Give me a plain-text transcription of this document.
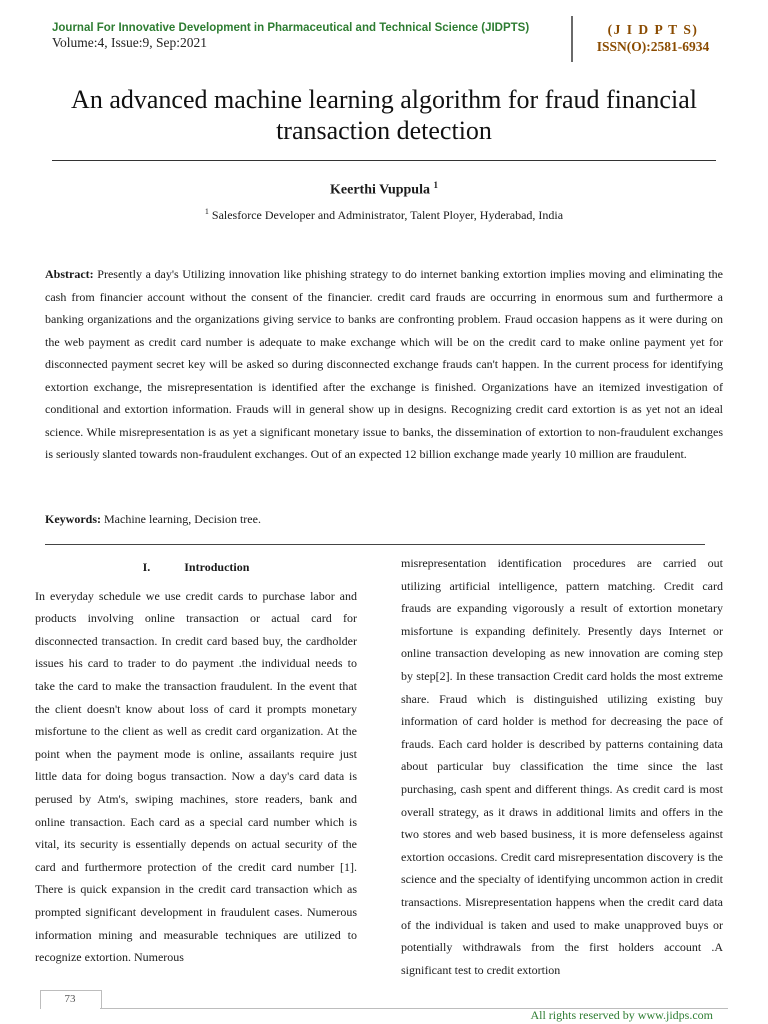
Journal For Innovative Development in Pharmaceutical and Technical Science (JIDPTS)
Volume:4, Issue:9, Sep:2021
(J I D P T S)
ISSN(O):2581-6934
An advanced machine learning algorithm for fraud financial transaction detection
Keerthi Vuppula $^1$
$^1$ Salesforce Developer and Administrator, Talent Ployer, Hyderabad, India
Abstract: Presently a day's Utilizing innovation like phishing strategy to do internet banking extortion implies moving and eliminating the cash from financier account without the consent of the financier. credit card frauds are occurring in enormous sum and furthermore a banking organizations and the organizations giving service to banks are confronting problem. Fraud occasion happens as it were during on the web payment as credit card number is adequate to make exchange which will be on the credit card to make online payment yet for disconnected payment secret key will be asked so during disconnected exchange frauds can't happen. In the current process for identifying extortion exchange, the misrepresentation is identified after the exchange is finished. Organizations have an itemized investigation of conditional and extortion information. Frauds will in general show up in designs. Recognizing credit card extortion is as yet not an ideal science. While misrepresentation is as yet a significant monetary issue to banks, the dissemination of extortion to non-fraudulent exchanges is seriously slanted towards non-fraudulent exchanges. Out of an expected 12 billion exchange made yearly 10 million are fraudulent.
Keywords: Machine learning, Decision tree.
I.	Introduction
In everyday schedule we use credit cards to purchase labor and products involving online transaction or actual card for disconnected transaction. In credit card based buy, the cardholder issues his card to trader to do payment .the individual needs to take the card to make the transaction fraudulent. In the event that the client doesn't know about loss of card it prompts monetary misfortune to the client as well as credit card organization. At the point when the payment mode is online, assailants require just little data for doing bogus transaction. Now a day's card data is perused by Atm's, swiping machines, store readers, bank and online transaction. Each card as a special card number which is vital, its security is essentially depends on actual security of the card and furthermore protection of the credit card number [1]. There is quick expansion in the credit card transaction which as prompted significant development in fraudulent cases. Numerous information mining and measurable techniques are utilized to recognize extortion. Numerous
misrepresentation identification procedures are carried out utilizing artificial intelligence, pattern matching. Credit card frauds are expanding vigorously a result of extortion monetary misfortune is expanding definitely. Presently days Internet or online transaction developing as new innovation are coming step by step[2]. In these transaction Credit card holds the most extreme share. Fraud which is distinguished utilizing existing buy information of card holder is method for decreasing the pace of frauds. Each card holder is described by patterns containing data about particular buy classification the time since the last purchasing, cash spent and different things. As credit card is most overall strategy, as it draws in additional limits and offers in the two stores and web based business, it is more defenseless against extortion occasions. Credit card misrepresentation discovery is the science and the specialty of identifying uncommon action in credit transactions. Misrepresentation happens when the credit card data of the individual is taken and used to make unapproved buys or potentially withdrawals from the first holders account .A significant test to credit extortion
73
All rights reserved by www.jidps.com
